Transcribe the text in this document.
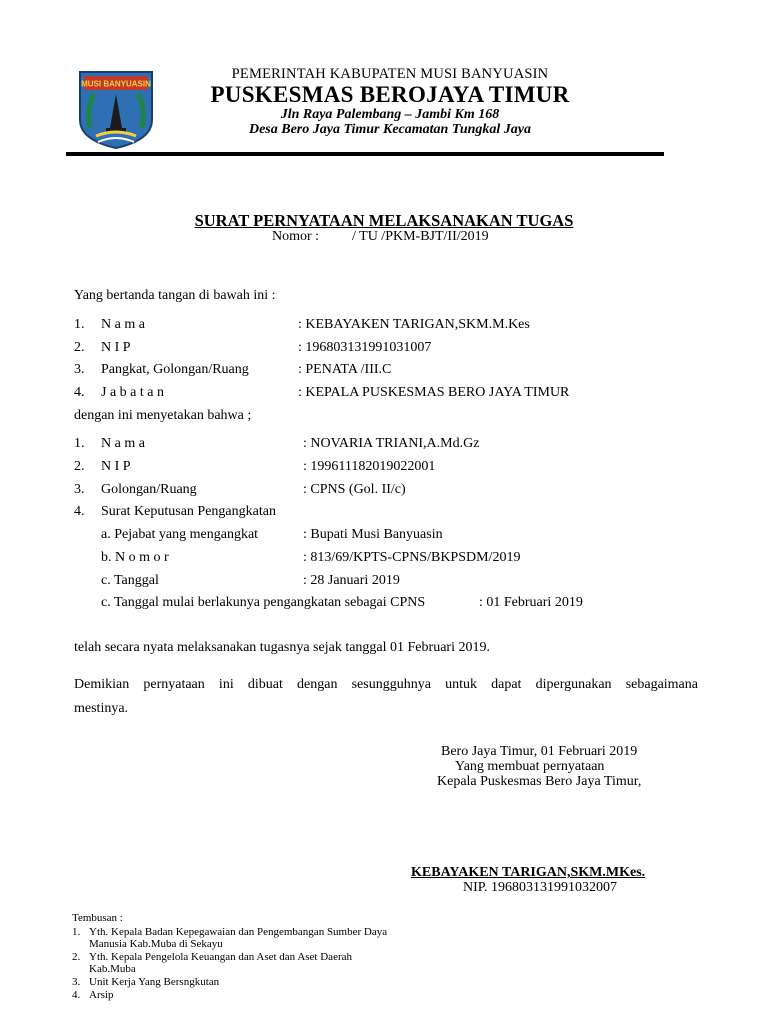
MUSI BANYUASIN
PEMERINTAH KABUPATEN MUSI BANYUASIN
PUSKESMAS BEROJAYA TIMUR
Jln Raya Palembang – Jambi Km 168
Desa Bero Jaya Timur Kecamatan Tungkal Jaya
SURAT PERNYATAAN MELAKSANAKAN TUGAS
Nomor : / TU /PKM-BJT/II/2019
Yang bertanda tangan di bawah ini :
1. N a m a	: KEBAYAKEN TARIGAN,SKM.M.Kes
2. N I P	: 196803131991031007
3. Pangkat, Golongan/Ruang	: PENATA /III.C
4. J a b a t a n	: KEPALA PUSKESMAS BERO JAYA TIMUR
dengan ini menyetakan bahwa ;
1. N a m a	: NOVARIA TRIANI,A.Md.Gz
2. N I P	: 199611182019022001
3. Golongan/Ruang	: CPNS (Gol. II/c)
4. Surat Keputusan Pengangkatan
a. Pejabat yang mengangkat	: Bupati Musi Banyuasin
b. N o m o r	: 813/69/KPTS-CPNS/BKPSDM/2019
c. Tanggal	: 28 Januari 2019
c. Tanggal mulai berlakunya pengangkatan sebagai CPNS	: 01 Februari 2019
telah secara nyata melaksanakan tugasnya sejak tanggal 01 Februari 2019.
Demikian pernyataan ini dibuat dengan sesungguhnya untuk dapat dipergunakan sebagaimana
mestinya.
Bero Jaya Timur, 01 Februari 2019
Yang membuat pernyataan
Kepala Puskesmas Bero Jaya Timur,
KEBAYAKEN TARIGAN,SKM.MKes.
NIP. 196803131991032007
Tembusan :
1. Yth. Kepala Badan Kepegawaian dan Pengembangan Sumber Daya
Manusia Kab.Muba di Sekayu
2. Yth. Kepala Pengelola Keuangan dan Aset dan Aset Daerah
Kab.Muba
3. Unit Kerja Yang Bersngkutan
4. Arsip
